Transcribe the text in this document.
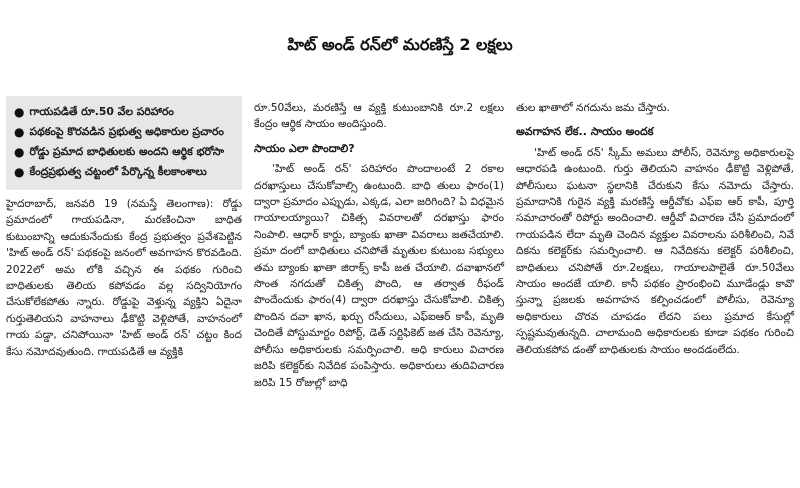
హిట్ అండ్ రన్‌లో మరణిస్తే 2 లక్షలు
● గాయపడితే రూ.50 వేల పరిహారం
● పథకంపై కొరవడిన ప్రభుత్వ అధికారుల ప్రచారం
● రోడ్డు ప్రమాద బాధితులకు అందని ఆర్థిక భరోసా
● కేంద్రప్రభుత్వ చట్టంలో పేర్కొన్న కీలకాంశాలు

హైదరాబాద్, జనవరి 19 (నమస్తే తెలంగాణ): రోడ్డు ప్రమాదంలో గాయపడినా, మరణించినా బాధిత కుటుంబాన్ని ఆదుకునేందుకు కేంద్ర ప్రభుత్వం ప్రవేశపెట్టిన 'హిట్ అండ్ రన్' పథకంపై జనంలో అవగాహన కొరవడింది. 2022లో అమ లోకి వచ్చిన ఈ పథకం గురించి బాధితులకు తెలియ కపోవడం వల్ల సద్వినియోగం చేసుకోలేకపోతు న్నారు. రోడ్డుపై వెళ్తున్న వ్యక్తిని ఏదైనా గుర్తుతెలియని వాహనాలు ఢీకొట్టి వెళ్లిపోతే, వాహనంలో గాయ పడ్డా, చనిపోయినా 'హిట్ అండ్ రన్' చట్టం కింద కేసు నమోదవుతుంది. గాయపడితే ఆ వ్యక్తికి

రూ.50వేలు, మరణిస్తే ఆ వ్యక్తి కుటుంబానికి రూ.2 లక్షలు కేంద్రం ఆర్థిక సాయం అందిస్తుంది.

సాయం ఎలా పొందాలి?

'హిట్ అండ్ రన్' పరిహారం పొందాలంటే 2 రకాల దరఖాస్తులు చేసుకోవాల్సి ఉంటుంది. బాధి తులు ఫారం(1) ద్వారా ప్రమాదం ఎప్పుడు, ఎక్కడ, ఎలా జరిగింది? ఏ విధమైన గాయాలయ్యాయి? చికిత్స వివరాలతో దరఖాస్తు ఫారం నింపాలి. ఆధార్ కార్డు, బ్యాంకు ఖాతా వివరాలు జతచేయాలి. ప్రమా దంలో బాధితులు చనిపోతే మృతుల కుటుంబ సభ్యులు తమ బ్యాంకు ఖాతా జిరాక్స్ కాపీ జత చేయాలి. దవాఖానలో సొంత నగదుతో చికిత్స పొంది, ఆ తర్వాత రీఫండ్ పొందేందుకు ఫారం(4) ద్వారా దరఖాస్తు చేసుకోవాలి. చికిత్స పొందిన దవా ఖాన, ఖర్చు రసీదులు, ఎఫ్ఐఆర్ కాపీ, మృతి చెందితే పోస్టుమార్టం రిపోర్ట్, డెత్ సర్టిఫికెట్ జత చేసి రెవెన్యూ, పోలీసు అధికారులకు సమర్పించాలి. అధి కారులు విచారణ జరిపి కలెక్టర్‌కు నివేదిక పంపిస్తారు. అధికారులు తుదివిచారణ జరిపి 15 రోజుల్లో బాధి

తుల ఖాతాలో నగదును జమ చేస్తారు.

అవగాహన లేక.. సాయం అందక

'హిట్ అండ్ రన్' స్కీమ్ అమలు పోలీస్, రెవెన్యూ అధికారులపై ఆధారపడి ఉంటుంది. గుర్తు తెలియని వాహనం ఢీకొట్టి వెళ్లిపోతే, పోలీసులు ఘటనా స్థలానికి చేరుకుని కేసు నమోదు చేస్తారు. ప్రమాదానికి గురైన వ్యక్తి మరణిస్తే ఆర్డీవోకు ఎఫ్ఐ ఆర్ కాపీ, పూర్తి సమాచారంతో రిపోర్టు అందించాలి. ఆర్డీవో విచారణ చేసి ప్రమాదంలో గాయపడిన లేదా మృతి చెందిన వ్యక్తుల వివరాలను పరిశీలించి, నివే దికను కలెక్టర్‌కు సమర్పించాలి. ఆ నివేదికను కలెక్టర్ పరిశీలించి, బాధితులు చనిపోతే రూ.2లక్షలు, గాయాలపాలైతే రూ.50వేలు సాయం అందజే యాలి. కానీ పథకం ప్రారంభించి మూడేండ్లు కావొ స్తున్నా ప్రజలకు అవగాహన కల్పించడంలో పోలీసు, రెవెన్యూ అధికారులు చొరవ చూపడం లేదని పలు ప్రమాద కేసుల్లో స్పష్టమవుతున్నది. చాలామంది అధికారులకు కూడా పథకం గురించి తెలియకపోవ డంతో బాధితులకు సాయం అందడంలేదు.
